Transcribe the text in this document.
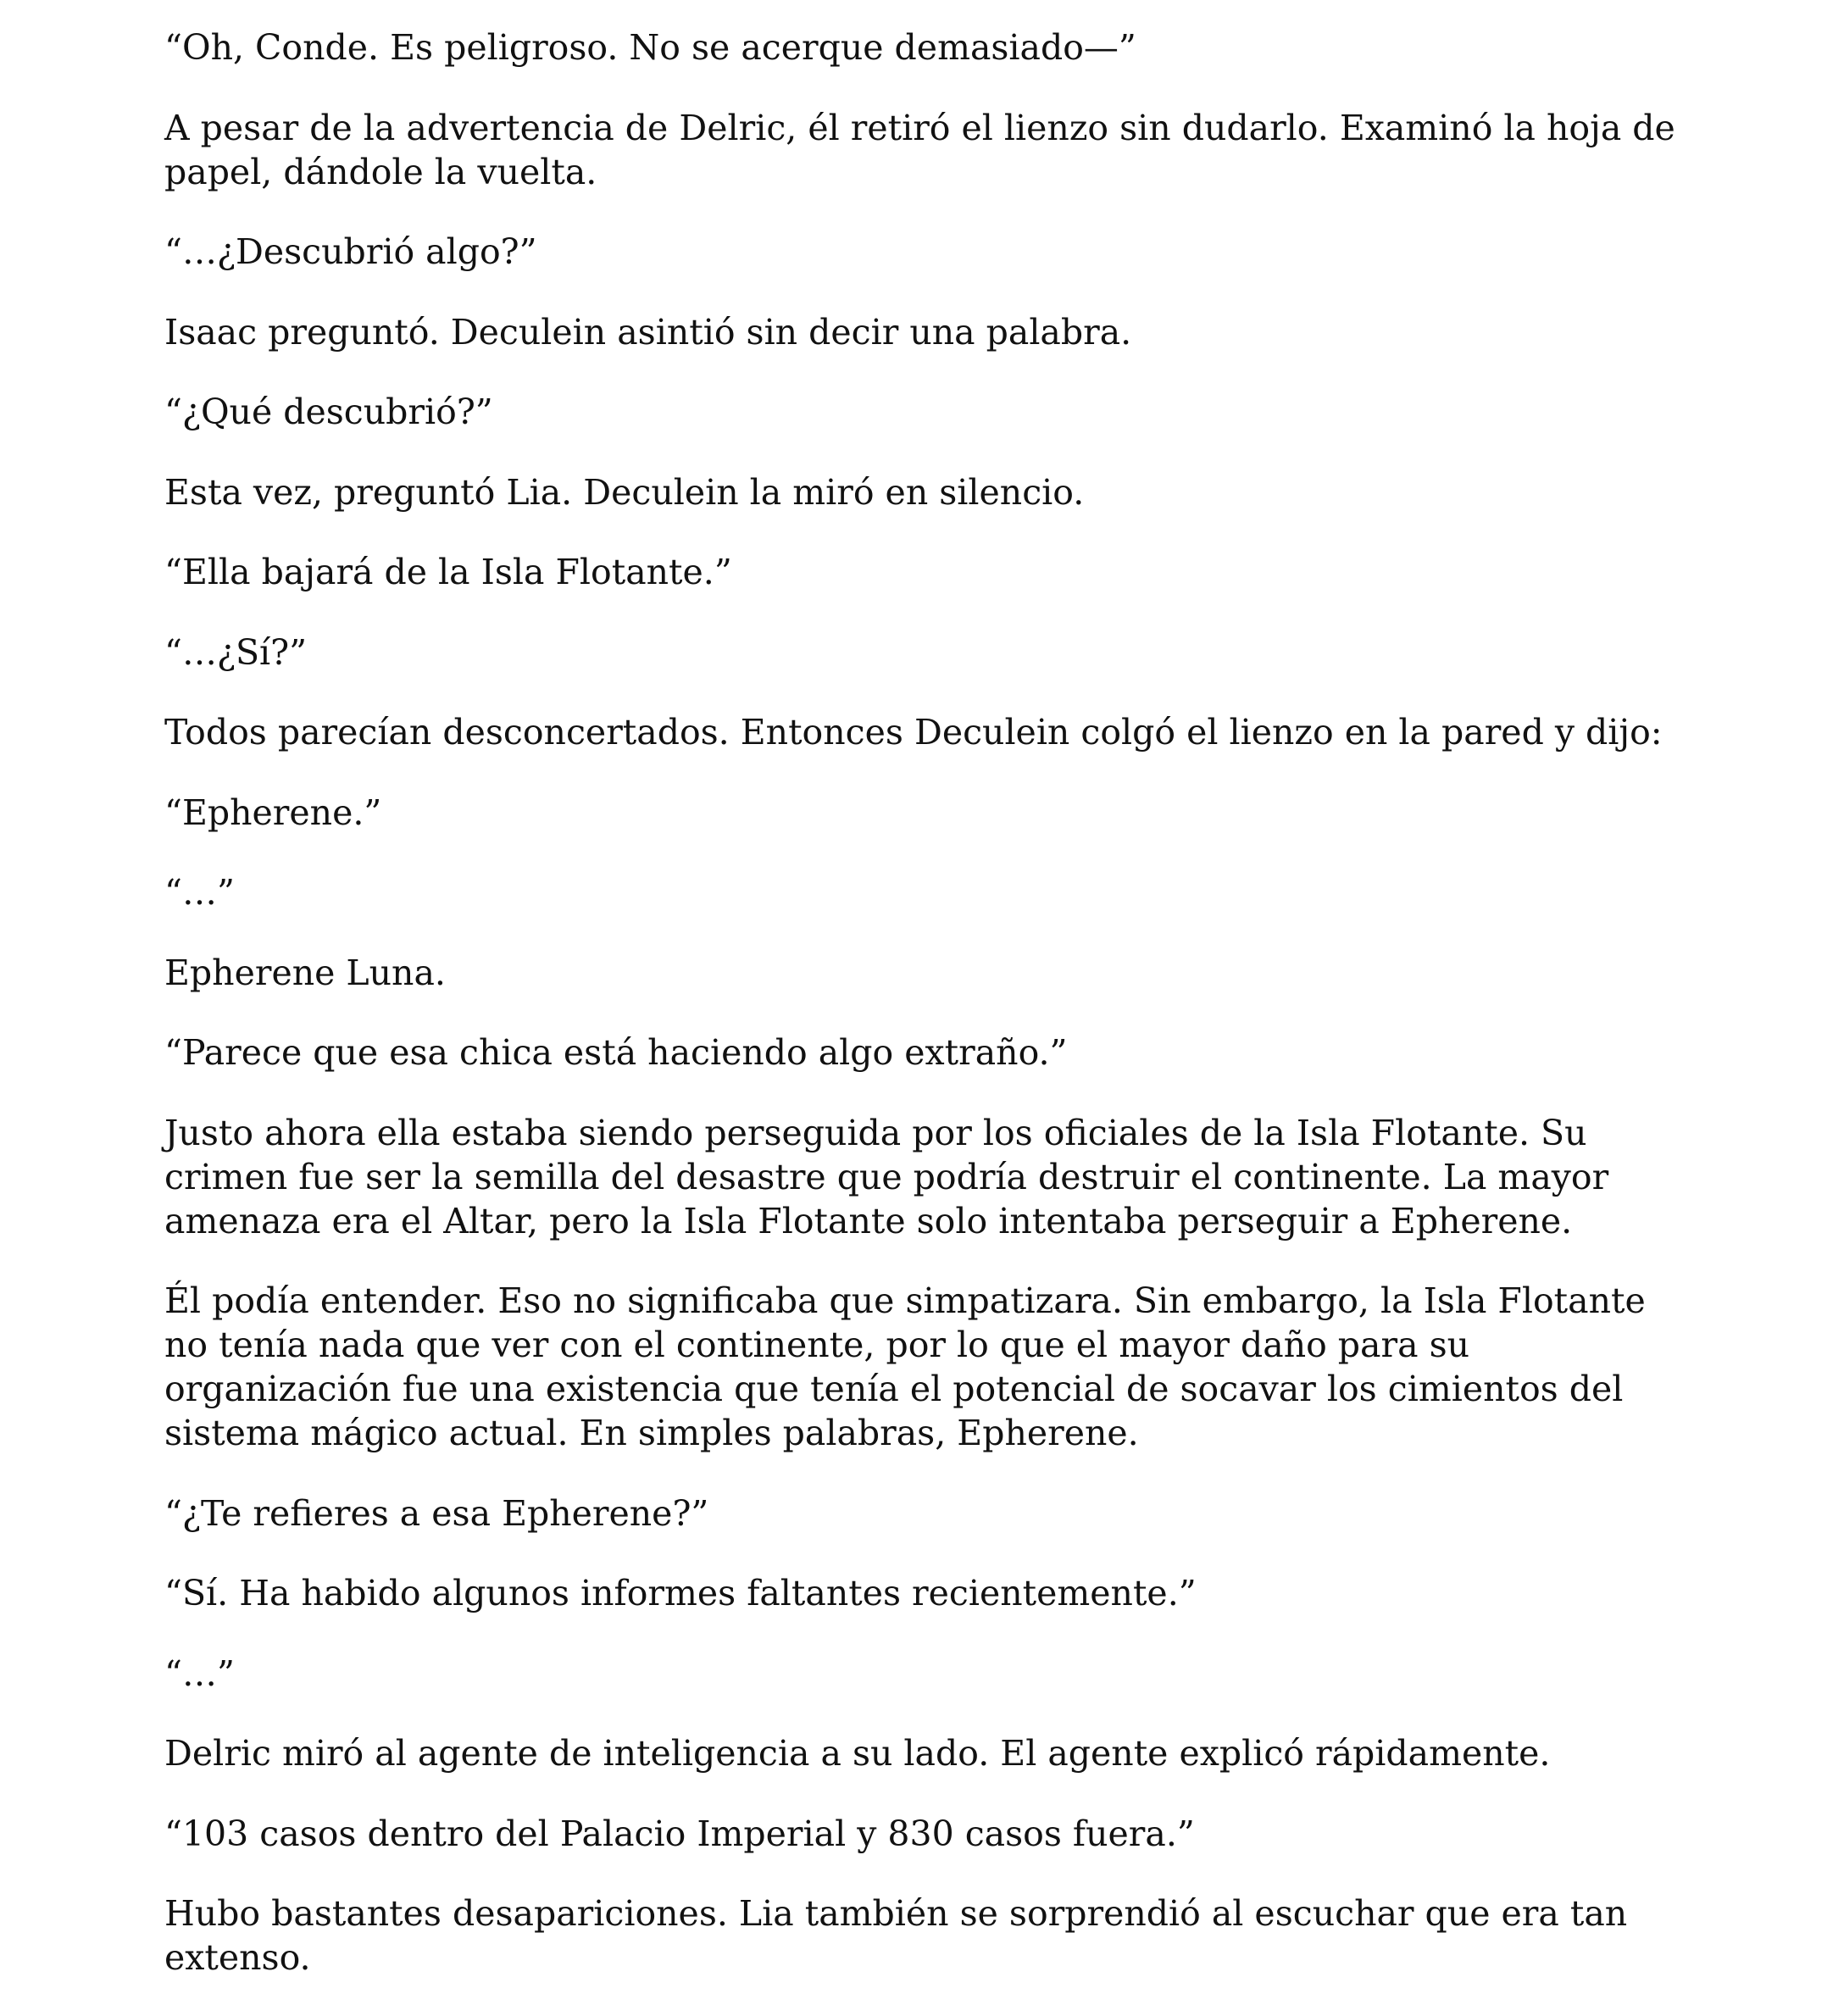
“Oh, Conde. Es peligroso. No se acerque demasiado—”

A pesar de la advertencia de Delric, él retiró el lienzo sin dudarlo. Examinó la hoja de papel, dándole la vuelta.

“…¿Descubrió algo?”

Isaac preguntó. Deculein asintió sin decir una palabra.

“¿Qué descubrió?”

Esta vez, preguntó Lia. Deculein la miró en silencio.

“Ella bajará de la Isla Flotante.”

“…¿Sí?”

Todos parecían desconcertados. Entonces Deculein colgó el lienzo en la pared y dijo:

“Epherene.”

“…”

Epherene Luna.

“Parece que esa chica está haciendo algo extraño.”

Justo ahora ella estaba siendo perseguida por los oficiales de la Isla Flotante. Su crimen fue ser la semilla del desastre que podría destruir el continente. La mayor amenaza era el Altar, pero la Isla Flotante solo intentaba perseguir a Epherene.

Él podía entender. Eso no significaba que simpatizara. Sin embargo, la Isla Flotante no tenía nada que ver con el continente, por lo que el mayor daño para su organización fue una existencia que tenía el potencial de socavar los cimientos del sistema mágico actual. En simples palabras, Epherene.

“¿Te refieres a esa Epherene?”

“Sí. Ha habido algunos informes faltantes recientemente.”

“…”

Delric miró al agente de inteligencia a su lado. El agente explicó rápidamente.

“103 casos dentro del Palacio Imperial y 830 casos fuera.”

Hubo bastantes desapariciones. Lia también se sorprendió al escuchar que era tan extenso.
